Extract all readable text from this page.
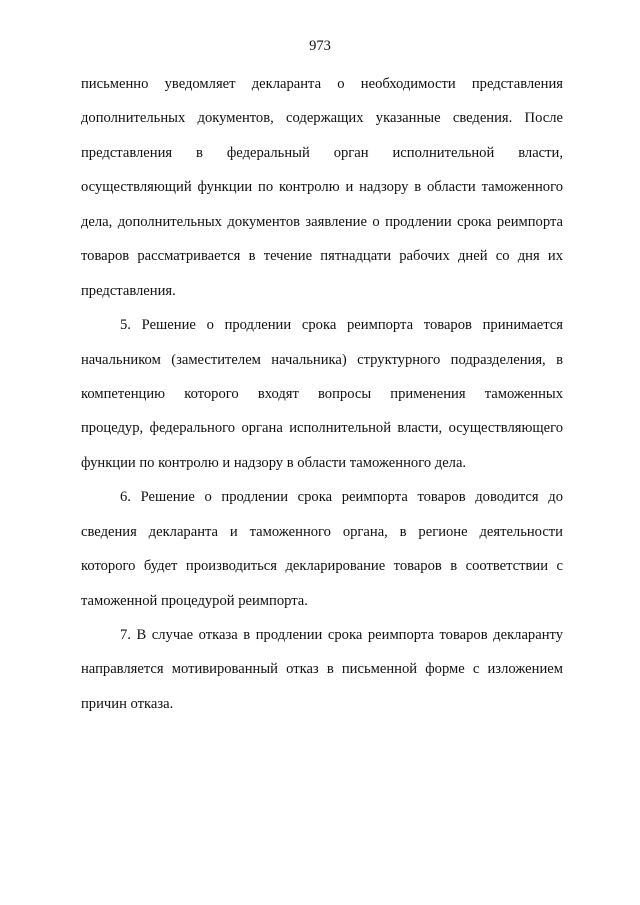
973
письменно уведомляет декларанта о необходимости представления
дополнительных документов, содержащих указанные сведения. После
представления в федеральный орган исполнительной власти,
осуществляющий функции по контролю и надзору в области таможенного
дела, дополнительных документов заявление о продлении срока реимпорта
товаров рассматривается в течение пятнадцати рабочих дней со дня их
представления.
5. Решение о продлении срока реимпорта товаров принимается
начальником (заместителем начальника) структурного подразделения, в
компетенцию которого входят вопросы применения таможенных
процедур, федерального органа исполнительной власти, осуществляющего
функции по контролю и надзору в области таможенного дела.
6. Решение о продлении срока реимпорта товаров доводится до
сведения декларанта и таможенного органа, в регионе деятельности
которого будет производиться декларирование товаров в соответствии с
таможенной процедурой реимпорта.
7. В случае отказа в продлении срока реимпорта товаров декларанту
направляется мотивированный отказ в письменной форме с изложением
причин отказа.
